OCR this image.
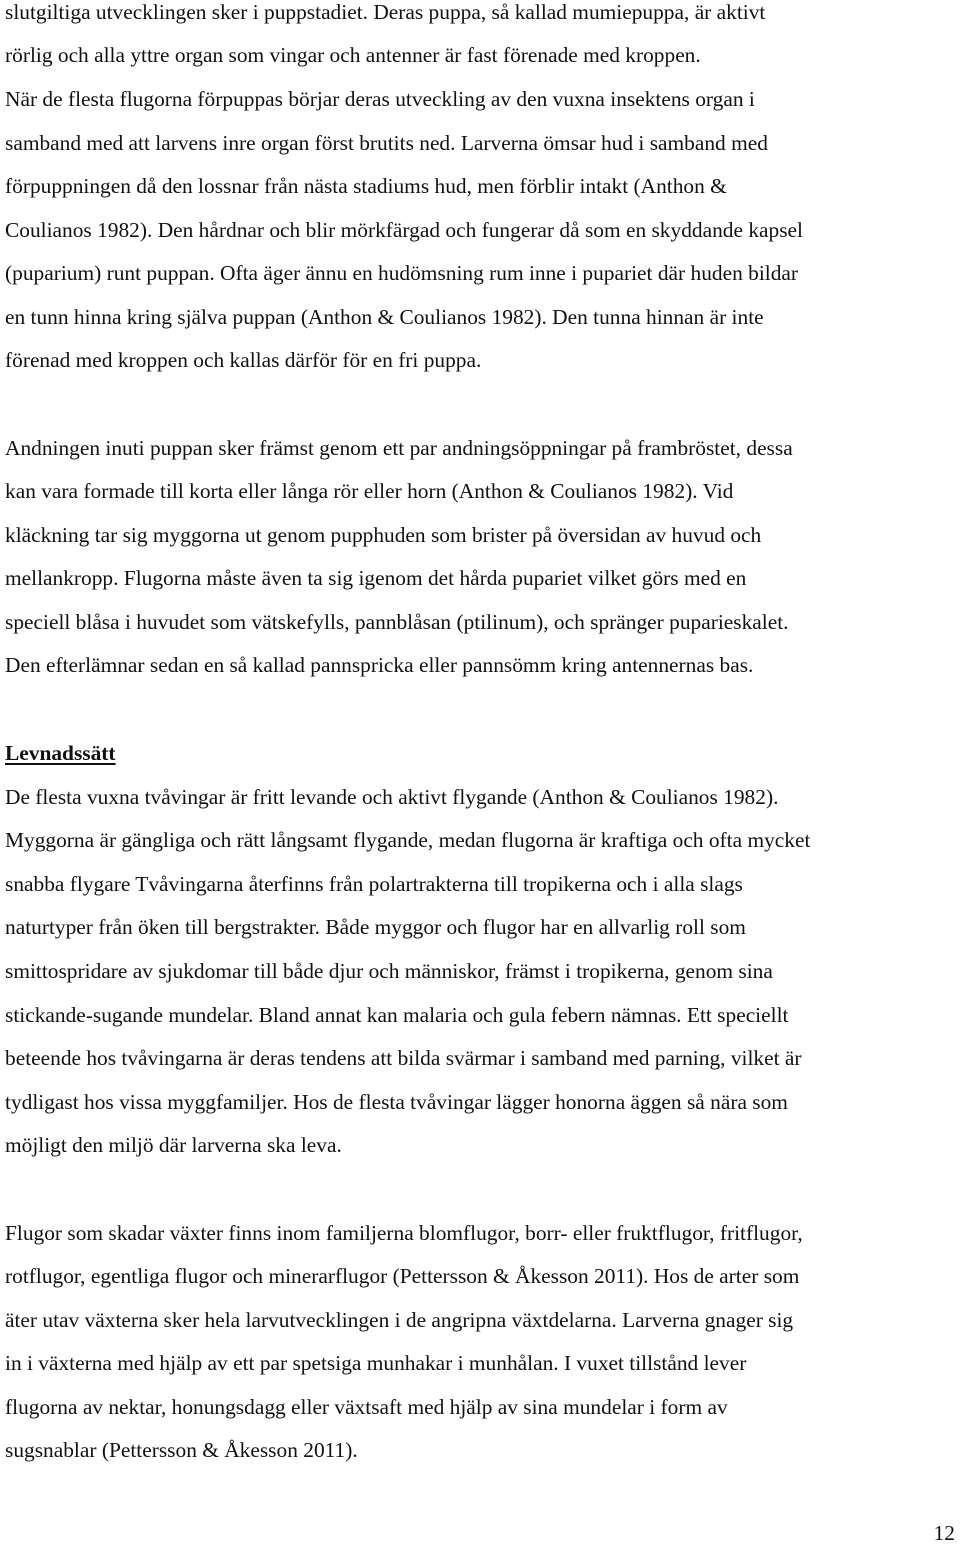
slutgiltiga utvecklingen sker i puppstadiet. Deras puppa, så kallad mumiepuppa, är aktivt

rörlig och alla yttre organ som vingar och antenner är fast förenade med kroppen.

När de flesta flugorna förpuppas börjar deras utveckling av den vuxna insektens organ i

samband med att larvens inre organ först brutits ned. Larverna ömsar hud i samband med

förpuppningen då den lossnar från nästa stadiums hud, men förblir intakt (Anthon &

Coulianos 1982). Den hårdnar och blir mörkfärgad och fungerar då som en skyddande kapsel

(puparium) runt puppan. Ofta äger ännu en hudömsning rum inne i pupariet där huden bildar

en tunn hinna kring själva puppan (Anthon & Coulianos 1982). Den tunna hinnan är inte

förenad med kroppen och kallas därför för en fri puppa.

Andningen inuti puppan sker främst genom ett par andningsöppningar på frambröstet, dessa

kan vara formade till korta eller långa rör eller horn (Anthon & Coulianos 1982). Vid

kläckning tar sig myggorna ut genom pupphuden som brister på översidan av huvud och

mellankropp. Flugorna måste även ta sig igenom det hårda pupariet vilket görs med en

speciell blåsa i huvudet som vätskefylls, pannblåsan (ptilinum), och spränger puparieskalet.

Den efterlämnar sedan en så kallad pannspricka eller pannsömm kring antennernas bas.

Levnadssätt

De flesta vuxna tvåvingar är fritt levande och aktivt flygande (Anthon & Coulianos 1982).

Myggorna är gängliga och rätt långsamt flygande, medan flugorna är kraftiga och ofta mycket

snabba flygare Tvåvingarna återfinns från polartrakterna till tropikerna och i alla slags

naturtyper från öken till bergstrakter. Både myggor och flugor har en allvarlig roll som

smittospridare av sjukdomar till både djur och människor, främst i tropikerna, genom sina

stickande-sugande mundelar. Bland annat kan malaria och gula febern nämnas. Ett speciellt

beteende hos tvåvingarna är deras tendens att bilda svärmar i samband med parning, vilket är

tydligast hos vissa myggfamiljer. Hos de flesta tvåvingar lägger honorna äggen så nära som

möjligt den miljö där larverna ska leva.

Flugor som skadar växter finns inom familjerna blomflugor, borr- eller fruktflugor, fritflugor,

rotflugor, egentliga flugor och minerarflugor (Pettersson & Åkesson 2011). Hos de arter som

äter utav växterna sker hela larvutvecklingen i de angripna växtdelarna. Larverna gnager sig

in i växterna med hjälp av ett par spetsiga munhakar i munhålan. I vuxet tillstånd lever

flugorna av nektar, honungsdagg eller växtsaft med hjälp av sina mundelar i form av

sugsnablar (Pettersson & Åkesson 2011).

12
